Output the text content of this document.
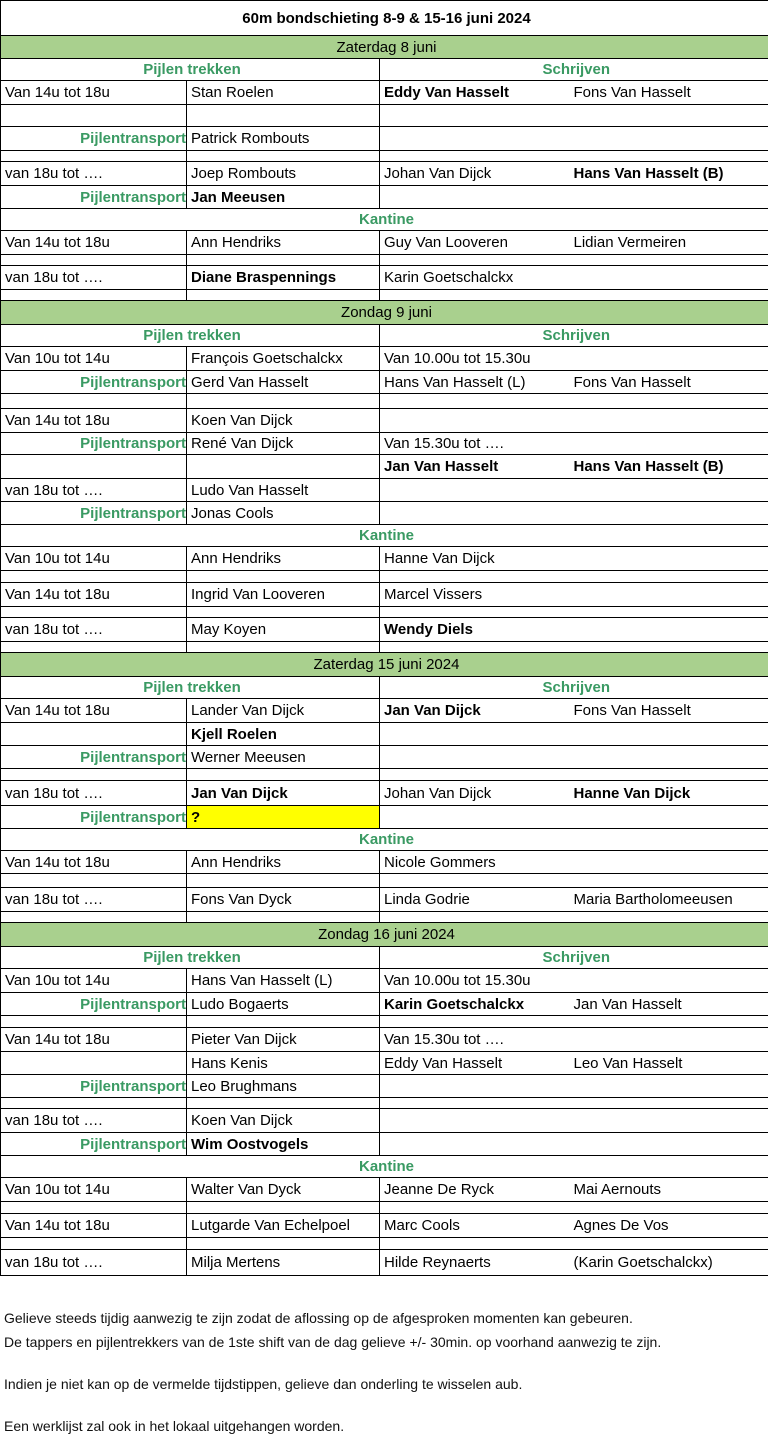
60m bondschieting 8-9 & 15-16 juni 2024			
Zaterdag 8 juni			
Pijlen trekken		Schrijven	
Van 14u tot 18u	Stan Roelen	Eddy Van Hasselt	Fons Van Hasselt

Pijlentransport	Patrick Rombouts		

van 18u tot ….	Joep Rombouts	Johan Van Dijck	Hans Van Hasselt (B)
Pijlentransport	Jan Meeusen		
Kantine			
Van 14u tot 18u	Ann Hendriks	Guy Van Looveren	Lidian Vermeiren

van 18u tot ….	Diane Braspennings	Karin Goetschalckx	

Zondag 9 juni			
Pijlen trekken		Schrijven	
Van 10u tot 14u	François Goetschalckx	Van 10.00u tot 15.30u	
Pijlentransport	Gerd Van Hasselt	Hans Van Hasselt (L)	Fons Van Hasselt

Van 14u tot 18u	Koen Van Dijck		
Pijlentransport	René Van Dijck	Van 15.30u tot ….	
		Jan Van Hasselt	Hans Van Hasselt (B)
van 18u tot ….	Ludo Van Hasselt		
Pijlentransport	Jonas Cools		
Kantine			
Van 10u tot 14u	Ann Hendriks	Hanne Van Dijck	

Van 14u tot 18u	Ingrid Van Looveren	Marcel Vissers	

van 18u tot ….	May Koyen	Wendy Diels	

Zaterdag 15 juni 2024			
Pijlen trekken		Schrijven	
Van 14u tot 18u	Lander Van Dijck	Jan Van Dijck	Fons Van Hasselt
	Kjell Roelen		
Pijlentransport	Werner Meeusen		

van 18u tot ….	Jan Van Dijck	Johan Van Dijck	Hanne Van Dijck
Pijlentransport	?		
Kantine			
Van 14u tot 18u	Ann Hendriks	Nicole Gommers	

van 18u tot ….	Fons Van Dyck	Linda Godrie	Maria Bartholomeeusen

Zondag 16 juni 2024			
Pijlen trekken		Schrijven	
Van 10u tot 14u	Hans Van Hasselt (L)	Van 10.00u tot 15.30u	
Pijlentransport	Ludo Bogaerts	Karin Goetschalckx	Jan Van Hasselt

Van 14u tot 18u	Pieter Van Dijck	Van 15.30u tot ….	
	Hans Kenis	Eddy Van Hasselt	Leo Van Hasselt
Pijlentransport	Leo Brughmans		

van 18u tot ….	Koen Van Dijck		
Pijlentransport	Wim Oostvogels		
Kantine			
Van 10u tot 14u	Walter Van Dyck	Jeanne De Ryck	Mai Aernouts

Van 14u tot 18u	Lutgarde Van Echelpoel	Marc Cools	Agnes De Vos

van 18u tot ….	Milja Mertens	Hilde Reynaerts	(Karin Goetschalckx)

Gelieve steeds tijdig aanwezig te zijn zodat de aflossing op de afgesproken momenten kan gebeuren.

De tappers en pijlentrekkers van de 1ste shift van de dag gelieve +/- 30min. op voorhand aanwezig te zijn.

Indien je niet kan op de vermelde tijdstippen, gelieve dan onderling te wisselen aub.

Een werklijst zal ook in het lokaal uitgehangen worden.
